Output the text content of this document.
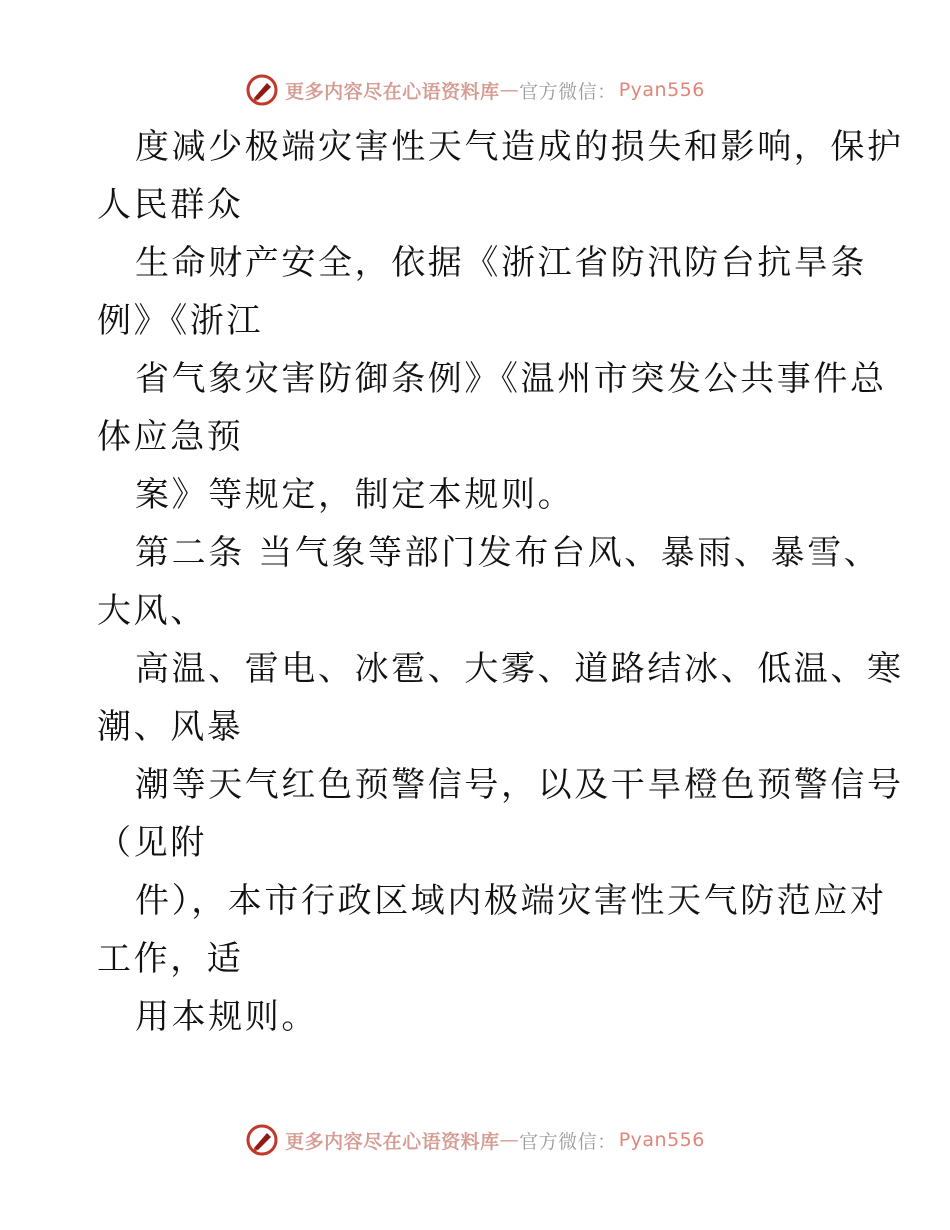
更多内容尽在心语资料库 — 官方微信： Pyan556
度减少极端灾害性天气造成的损失和影响，保护
人民群众
生命财产安全，依据《浙江省防汛防台抗旱条
例》《浙江
省气象灾害防御条例》《温州市突发公共事件总
体应急预
案》等规定，制定本规则。
第二条 当气象等部门发布台风、暴雨、暴雪、
大风、
高温、雷电、冰雹、大雾、道路结冰、低温、寒
潮、风暴
潮等天气红色预警信号，以及干旱橙色预警信号
（见附
件），本市行政区域内极端灾害性天气防范应对
工作，适
用本规则。
更多内容尽在心语资料库 — 官方微信： Pyan556
